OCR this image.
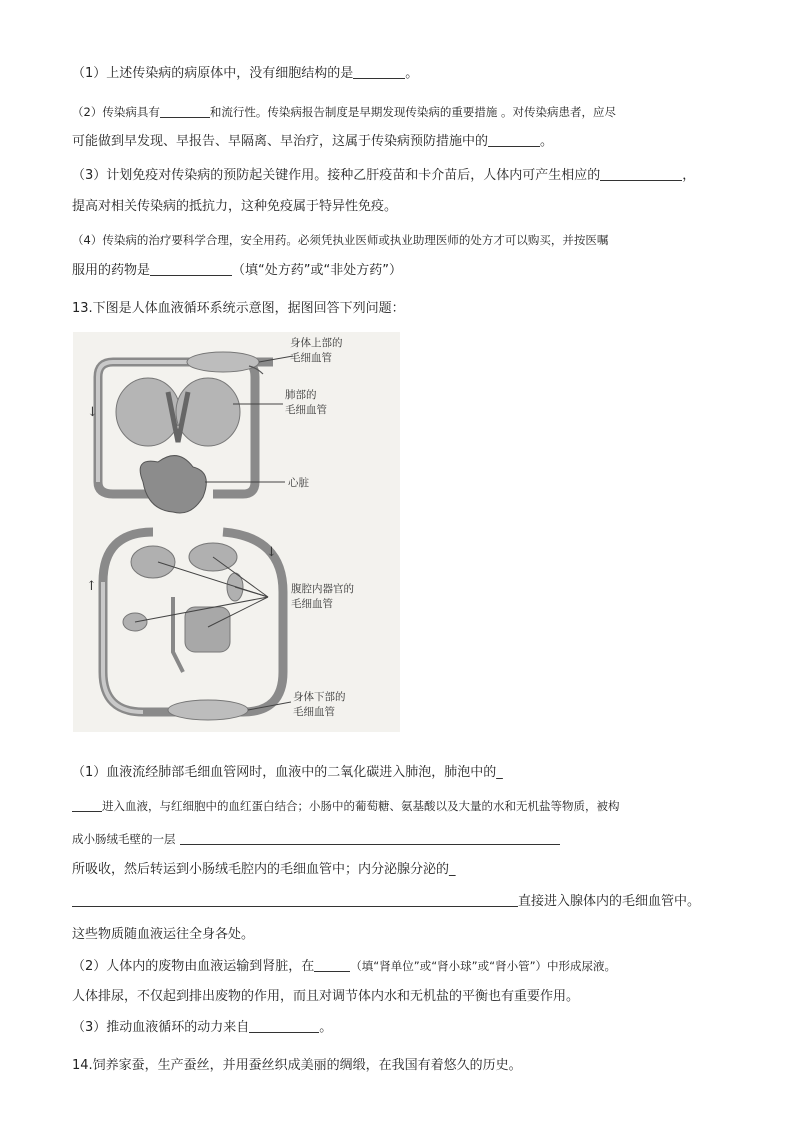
（1）上述传染病的病原体中，没有细胞结构的是	。
（2）传染病具有	和流行性。传染病报告制度是早期发现传染病的重要措施 。对传染病患者，应尽
可能做到早发现、早报告、早隔离、早治疗，这属于传染病预防措施中的	。
（3）计划免疫对传染病的预防起关键作用。接种乙肝疫苗和卡介苗后，人体内可产生相应的	，
提高对相关传染病的抵抗力，这种免疫属于特异性免疫。
（4）传染病的治疗要科学合理，安全用药。必须凭执业医师或执业助理医师的处方才可以购买，并按医嘱
服用的药物是	（填“处方药”或“非处方药”）
13.下图是人体血液循环系统示意图，据图回答下列问题：
↓
↓
↑
身体上部的
毛细血管
肺部的
毛细血管
心脏
腹腔内器官的
毛细血管
身体下部的
毛细血管
（1）血液流经肺部毛细血管网时，血液中的二氧化碳进入肺泡，肺泡中的_
进入血液，与红细胞中的血红蛋白结合；小肠中的葡萄糖、氨基酸以及大量的水和无机盐等物质，被构
成小肠绒毛壁的一层
所吸收，然后转运到小肠绒毛腔内的毛细血管中；内分泌腺分泌的_
直接进入腺体内的毛细血管中。
这些物质随血液运往全身各处。
（2）人体内的废物由血液运输到肾脏，在	（填“肾单位”或“肾小球”或“肾小管”）中形成尿液。
人体排尿，不仅起到排出废物的作用，而且对调节体内水和无机盐的平衡也有重要作用。
（3）推动血液循环的动力来自	。
14.饲养家蚕，生产蚕丝，并用蚕丝织成美丽的绸缎，在我国有着悠久的历史。
